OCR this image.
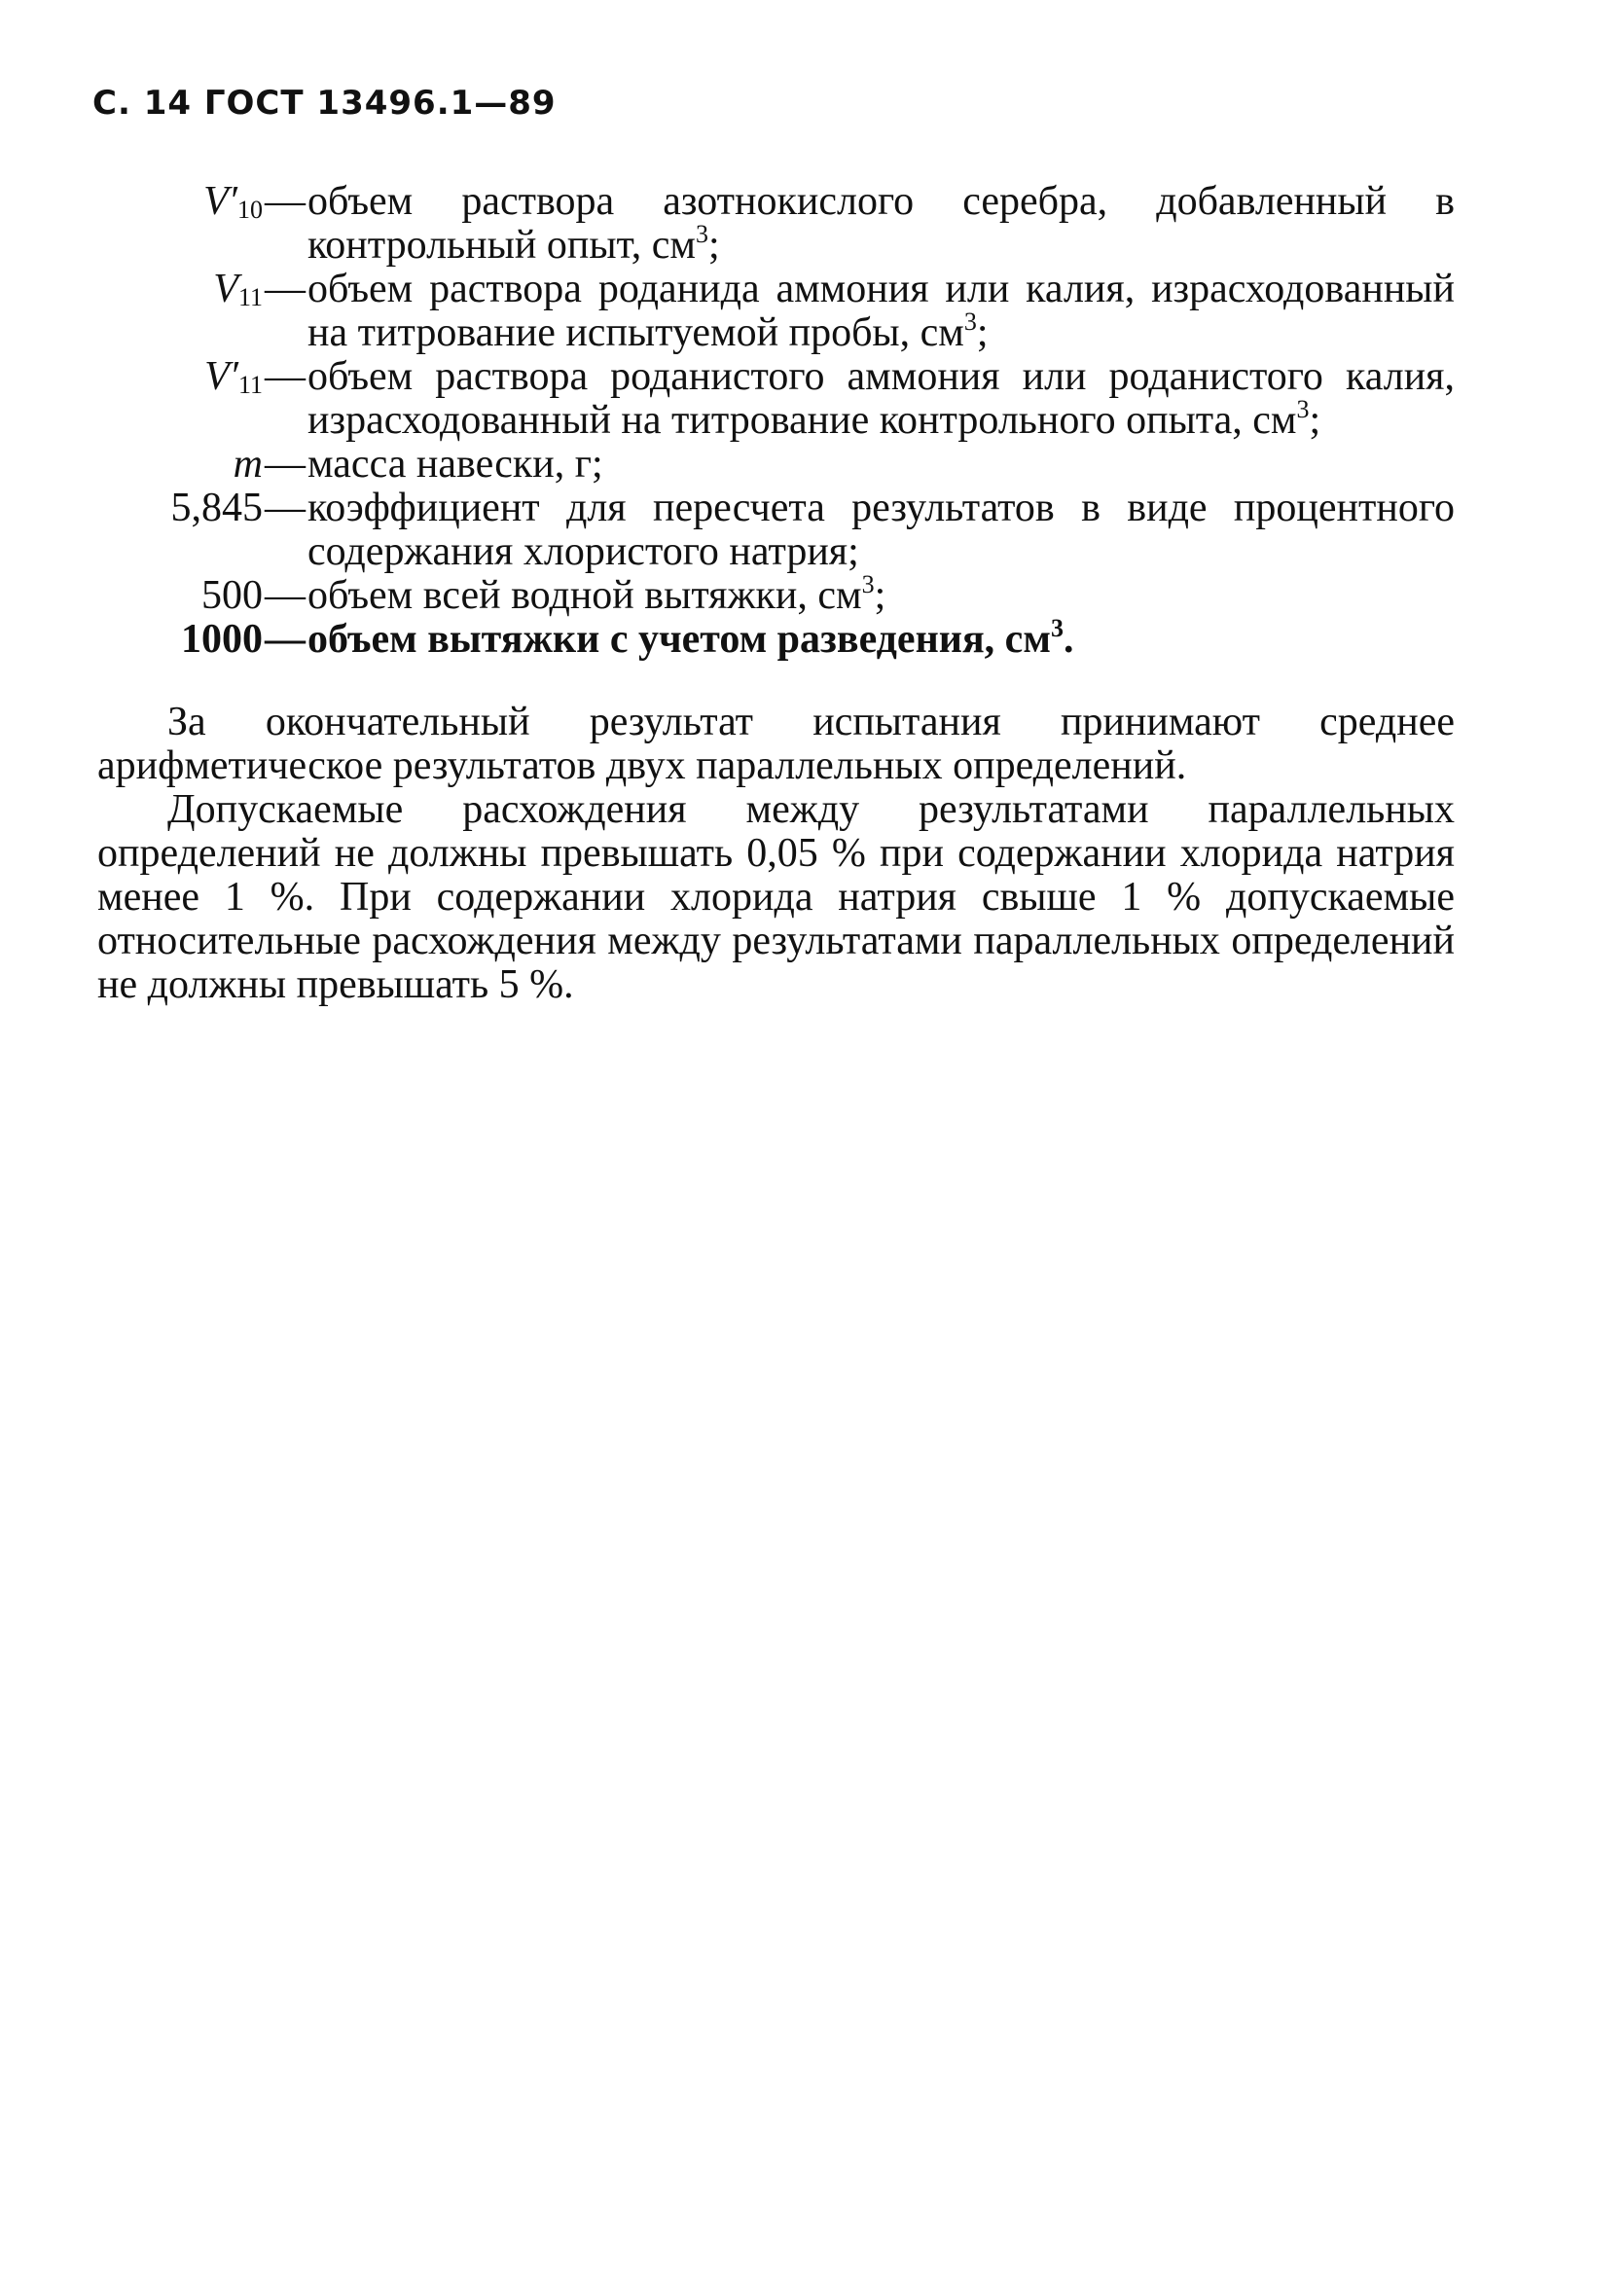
С. 14 ГОСТ 13496.1—89
$V'_{10}$ — объем раствора азотнокислого серебра, добавленный в контрольный опыт, $см^3$;
$V_{11}$ — объем раствора роданида аммония или калия, израсходованный на титрование испытуемой пробы, $см^3$;
$V'_{11}$ — объем раствора роданистого аммония или роданистого калия, израсходованный на титрование контрольного опыта, $см^3$;
m — масса навески, г;
5,845 — коэффициент для пересчета результатов в виде процентного содержания хлористого натрия;
500 — объем всей водной вытяжки, $см^3$;
1000 — объем вытяжки с учетом разведения, $см^3$.

За окончательный результат испытания принимают среднее арифметическое результатов двух параллельных определений.

Допускаемые расхождения между результатами параллельных определений не должны превышать 0,05 % при содержании хлорида натрия менее 1 %. При содержании хлорида натрия свыше 1 % допускаемые относительные расхождения между результатами параллельных определений не должны превышать 5 %.
